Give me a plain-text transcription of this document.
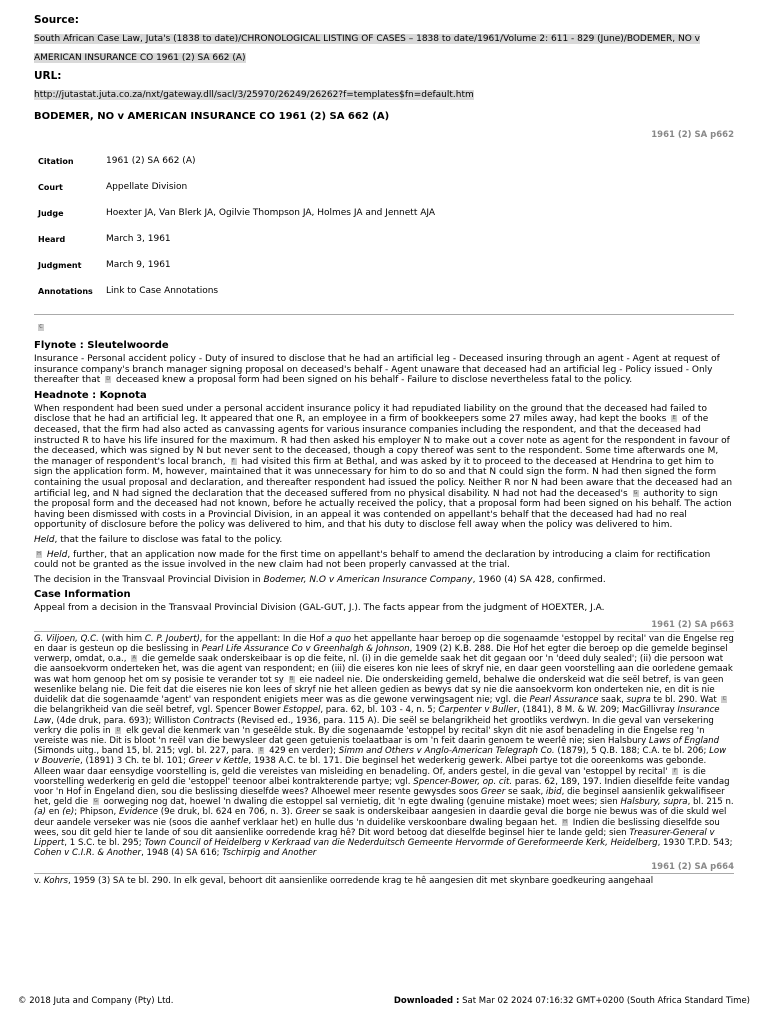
Source:
South African Case Law, Juta's (1838 to date)/CHRONOLOGICAL LISTING OF CASES – 1838 to date/1961/Volume 2: 611 - 829 (June)/BODEMER, NO v AMERICAN INSURANCE CO 1961 (2) SA 662 (A)
URL:
http://jutastat.juta.co.za/nxt/gateway.dll/sacl/3/25970/26249/26262?f=templates$fn=default.htm
BODEMER, NO v AMERICAN INSURANCE CO 1961 (2) SA 662 (A)
1961 (2) SA p662
Citation	1961 (2) SA 662 (A)
Court	Appellate Division
Judge	Hoexter JA, Van Blerk JA, Ogilvie Thompson JA, Holmes JA and Jennett AJA
Heard	March 3, 1961
Judgment	March 9, 1961
Annotations	Link to Case Annotations
C
Flynote : Sleutelwoorde

Insurance - Personal accident policy - Duty of insured to disclose that he had an artificial leg - Deceased insuring through an agent - Agent at request of insurance company's branch manager signing proposal on deceased's behalf - Agent unaware that deceased had an artificial leg - Policy issued - Only thereafter that D deceased knew a proposal form had been signed on his behalf - Failure to disclose nevertheless fatal to the policy.

Headnote : Kopnota

When respondent had been sued under a personal accident insurance policy it had repudiated liability on the ground that the deceased had failed to disclose that he had an artificial leg. It appeared that one R, an employee in a firm of bookkeepers some 27 miles away, had kept the books E of the deceased, that the firm had also acted as canvassing agents for various insurance companies including the respondent, and that the deceased had instructed R to have his life insured for the maximum. R had then asked his employer N to make out a cover note as agent for the respondent in favour of the deceased, which was signed by N but never sent to the deceased, though a copy thereof was sent to the respondent. Some time afterwards one M, the manager of respondent's local branch, F had visited this firm at Bethal, and was asked by it to proceed to the deceased at Hendrina to get him to sign the application form. M, however, maintained that it was unnecessary for him to do so and that N could sign the form. N had then signed the form containing the usual proposal and declaration, and thereafter respondent had issued the policy. Neither R nor N had been aware that the deceased had an artificial leg, and N had signed the declaration that the deceased suffered from no physical disability. N had not had the deceased's G authority to sign the proposal form and the deceased had not known, before he actually received the policy, that a proposal form had been signed on his behalf. The action having been dismissed with costs in a Provincial Division, in an appeal it was contended on appellant's behalf that the deceased had had no real opportunity of disclosure before the policy was delivered to him, and that his duty to disclose fell away when the policy was delivered to him.

Held, that the failure to disclose was fatal to the policy.

H Held, further, that an application now made for the first time on appellant's behalf to amend the declaration by introducing a claim for rectification could not be granted as the issue involved in the new claim had not been properly canvassed at the trial.

The decision in the Transvaal Provincial Division in Bodemer, N.O v American Insurance Company, 1960 (4) SA 428, confirmed.

Case Information

Appeal from a decision in the Transvaal Provincial Division (GAL-GUT, J.). The facts appear from the judgment of HOEXTER, J.A.

1961 (2) SA p663

G. Viljoen, Q.C. (with him C. P. Joubert), for the appellant: In die Hof a quo het appellante haar beroep op die sogenaamde 'estoppel by recital' van die Engelse reg en daar is gesteun op die beslissing in Pearl Life Assurance Co v Greenhalgh & Johnson, 1909 (2) K.B. 288. Die Hof het egter die beroep op die gemelde beginsel verwerp, omdat, o.a., A die gemelde saak onderskeibaar is op die feite, nl. (i) in die gemelde saak het dit gegaan oor 'n 'deed duly sealed'; (ii) die persoon wat die aansoekvorm onderteken het, was die agent van respondent; en (iii) die eiseres kon nie lees of skryf nie, en daar geen voorstelling aan die oorledene gemaak was wat hom genoop het om sy posisie te verander tot sy B eie nadeel nie. Die onderskeiding gemeld, behalwe die onderskeid wat die seël betref, is van geen wesenlike belang nie. Die feit dat die eiseres nie kon lees of skryf nie het alleen gedien as bewys dat sy nie die aansoekvorm kon onderteken nie, en dit is nie duidelik dat die sogenaamde 'agent' van respondent enigiets meer was as die gewone verwingsagent nie; vgl. die Pearl Assurance saak, supra te bl. 290. Wat C die belangrikheid van die seël betref, vgl. Spencer Bower Estoppel, para. 62, bl. 103 - 4, n. 5; Carpenter v Buller, (1841), 8 M. & W. 209; MacGillivray Insurance Law, (4de druk, para. 693); Williston Contracts (Revised ed., 1936, para. 115 A). Die seël se belangrikheid het grootliks verdwyn. In die geval van versekering verkry die polis in D elk geval die kenmerk van 'n geseëlde stuk. By die sogenaamde 'estoppel by recital' skyn dit nie asof benadeling in die Engelse reg 'n vereiste was nie. Dit is bloot 'n reël van die bewysleer dat geen getuienis toelaatbaar is om 'n feit daarin genoem te weerlê nie; sien Halsbury Laws of England (Simonds uitg., band 15, bl. 215; vgl. bl. 227, para. E 429 en verder); Simm and Others v Anglo-American Telegraph Co. (1879), 5 Q.B. 188; C.A. te bl. 206; Low v Bouverie, (1891) 3 Ch. te bl. 101; Greer v Kettle, 1938 A.C. te bl. 171. Die beginsel het wederkerig gewerk. Albei partye tot die ooreenkoms was gebonde. Alleen waar daar eensydige voorstelling is, geld die vereistes van misleiding en benadeling. Of, anders gestel, in die geval van 'estoppel by recital' F is die voorstelling wederkerig en geld die 'estoppel' teenoor albei kontrakterende partye; vgl. Spencer-Bower, op. cit. paras. 62, 189, 197. Indien dieselfde feite vandag voor 'n Hof in Engeland dien, sou die beslissing dieselfde wees? Alhoewel meer resente gewysdes soos Greer se saak, ibid, die beginsel aansienlik gekwalifiseer het, geld die G oorweging nog dat, hoewel 'n dwaling die estoppel sal vernietig, dit 'n egte dwaling (genuine mistake) moet wees; sien Halsbury, supra, bl. 215 n. (a) en (e); Phipson, Evidence (9e druk, bl. 624 en 706, n. 3). Greer se saak is onderskeibaar aangesien in daardie geval die borge nie bewus was of die skuld wel deur aandele verseker was nie (soos die aanhef verklaar het) en hulle dus 'n duidelike verskoonbare dwaling begaan het. H Indien die beslissing dieselfde sou wees, sou dit geld hier te lande of sou dit aansienlike oorredende krag hê? Dit word betoog dat dieselfde beginsel hier te lande geld; sien Treasurer-General v Lippert, 1 S.C. te bl. 295; Town Council of Heidelberg v Kerkraad van die Nederduitsch Gemeente Hervormde of Gereformeerde Kerk, Heidelberg, 1930 T.P.D. 543; Cohen v C.I.R. & Another, 1948 (4) SA 616; Tschirpig and Another

1961 (2) SA p664

v. Kohrs, 1959 (3) SA te bl. 290. In elk geval, behoort dit aansienlike oorredende krag te hê aangesien dit met skynbare goedkeuring aangehaal

© 2018 Juta and Company (Pty) Ltd.	Downloaded : Sat Mar 02 2024 07:16:32 GMT+0200 (South Africa Standard Time)
